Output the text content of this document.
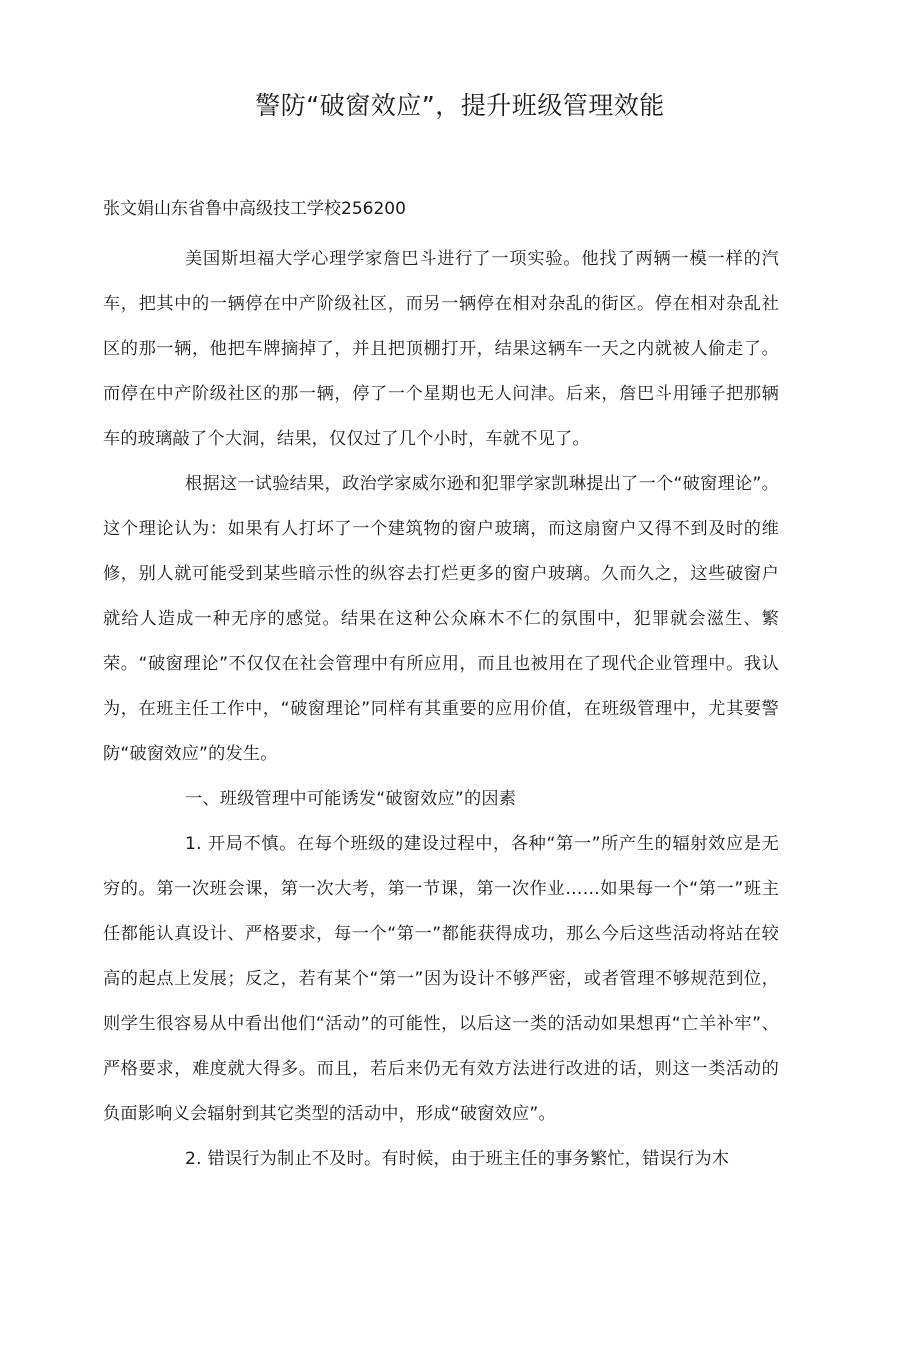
警防“破窗效应”，提升班级管理效能

张文娟山东省鲁中高级技工学校256200

美国斯坦福大学心理学家詹巴斗进行了一项实验。他找了两辆一模一样的汽车，把其中的一辆停在中产阶级社区，而另一辆停在相对杂乱的街区。停在相对杂乱社区的那一辆，他把车牌摘掉了，并且把顶棚打开，结果这辆车一天之内就被人偷走了。而停在中产阶级社区的那一辆，停了一个星期也无人问津。后来，詹巴斗用锤子把那辆车的玻璃敲了个大洞，结果，仅仅过了几个小时，车就不见了。

根据这一试验结果，政治学家威尔逊和犯罪学家凯琳提出了一个“破窗理论”。这个理论认为：如果有人打坏了一个建筑物的窗户玻璃，而这扇窗户又得不到及时的维修，别人就可能受到某些暗示性的纵容去打烂更多的窗户玻璃。久而久之，这些破窗户就给人造成一种无序的感觉。结果在这种公众麻木不仁的氛围中，犯罪就会滋生、繁荣。“破窗理论”不仅仅在社会管理中有所应用，而且也被用在了现代企业管理中。我认为，在班主任工作中，“破窗理论”同样有其重要的应用价值，在班级管理中，尤其要警防“破窗效应”的发生。

一、班级管理中可能诱发“破窗效应”的因素

1. 开局不慎。在每个班级的建设过程中，各种“第一”所产生的辐射效应是无穷的。第一次班会课，第一次大考，第一节课，第一次作业……如果每一个“第一”班主任都能认真设计、严格要求，每一个“第一”都能获得成功，那么今后这些活动将站在较高的起点上发展；反之，若有某个“第一”因为设计不够严密，或者管理不够规范到位，则学生很容易从中看出他们“活动”的可能性，以后这一类的活动如果想再“亡羊补牢”、严格要求，难度就大得多。而且，若后来仍无有效方法进行改进的话，则这一类活动的负面影响义会辐射到其它类型的活动中，形成“破窗效应”。

2. 错误行为制止不及时。有时候，由于班主任的事务繁忙，错误行为木
